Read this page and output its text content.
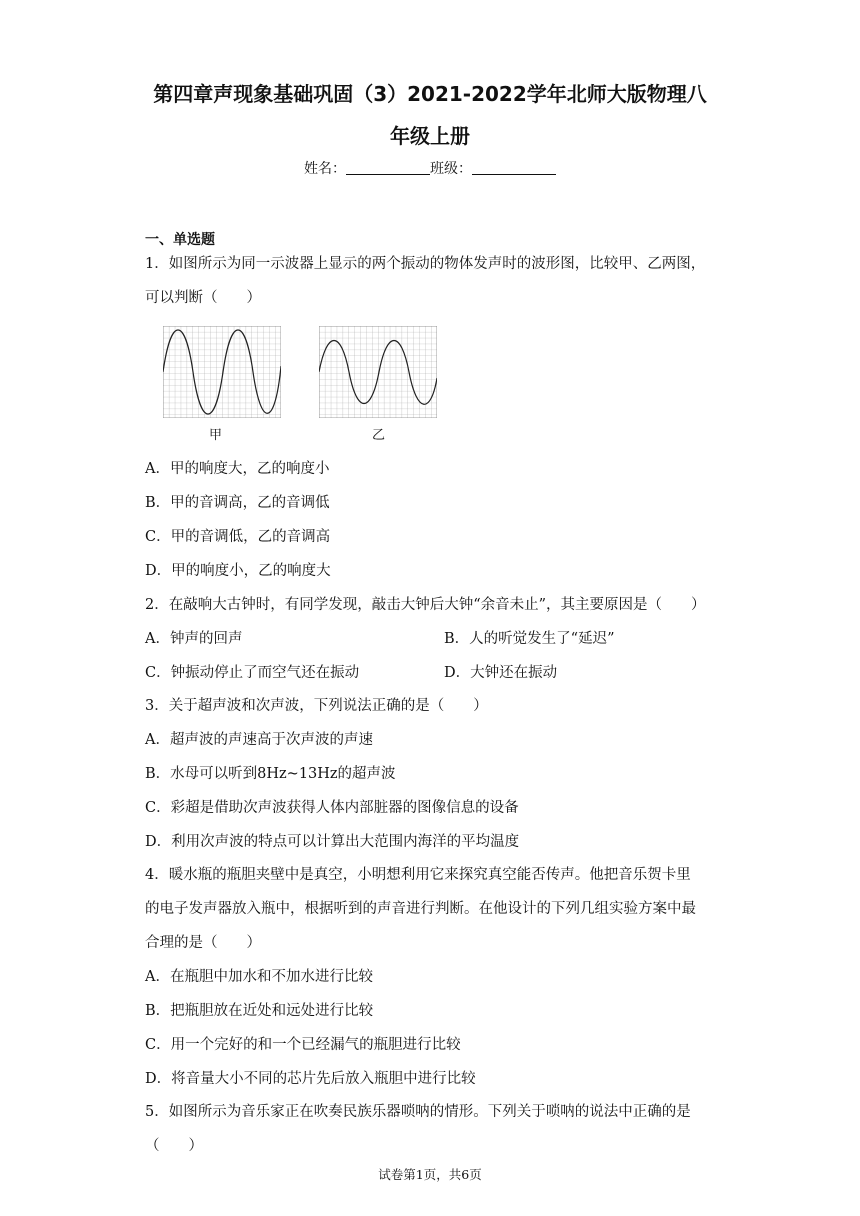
第四章声现象基础巩固（3）2021-2022学年北师大版物理八
年级上册
姓名：	班级：
一、单选题
1．如图所示为同一示波器上显示的两个振动的物体发声时的波形图，比较甲、乙两图，
可以判断（　　）
甲	乙
A．甲的响度大，乙的响度小
B．甲的音调高，乙的音调低
C．甲的音调低，乙的音调高
D．甲的响度小，乙的响度大
2．在敲响大古钟时，有同学发现，敲击大钟后大钟“余音未止”，其主要原因是（　　）
A．钟声的回声	B．人的听觉发生了“延迟”
C．钟振动停止了而空气还在振动	D．大钟还在振动
3．关于超声波和次声波，下列说法正确的是（　　）
A．超声波的声速高于次声波的声速
B．水母可以听到8Hz~13Hz的超声波
C．彩超是借助次声波获得人体内部脏器的图像信息的设备
D．利用次声波的特点可以计算出大范围内海洋的平均温度
4．暖水瓶的瓶胆夹壁中是真空，小明想利用它来探究真空能否传声。他把音乐贺卡里
的电子发声器放入瓶中，根据听到的声音进行判断。在他设计的下列几组实验方案中最
合理的是（　　）
A．在瓶胆中加水和不加水进行比较
B．把瓶胆放在近处和远处进行比较
C．用一个完好的和一个已经漏气的瓶胆进行比较
D．将音量大小不同的芯片先后放入瓶胆中进行比较
5．如图所示为音乐家正在吹奏民族乐器唢呐的情形。下列关于唢呐的说法中正确的是
（　　）
试卷第1页，共6页
